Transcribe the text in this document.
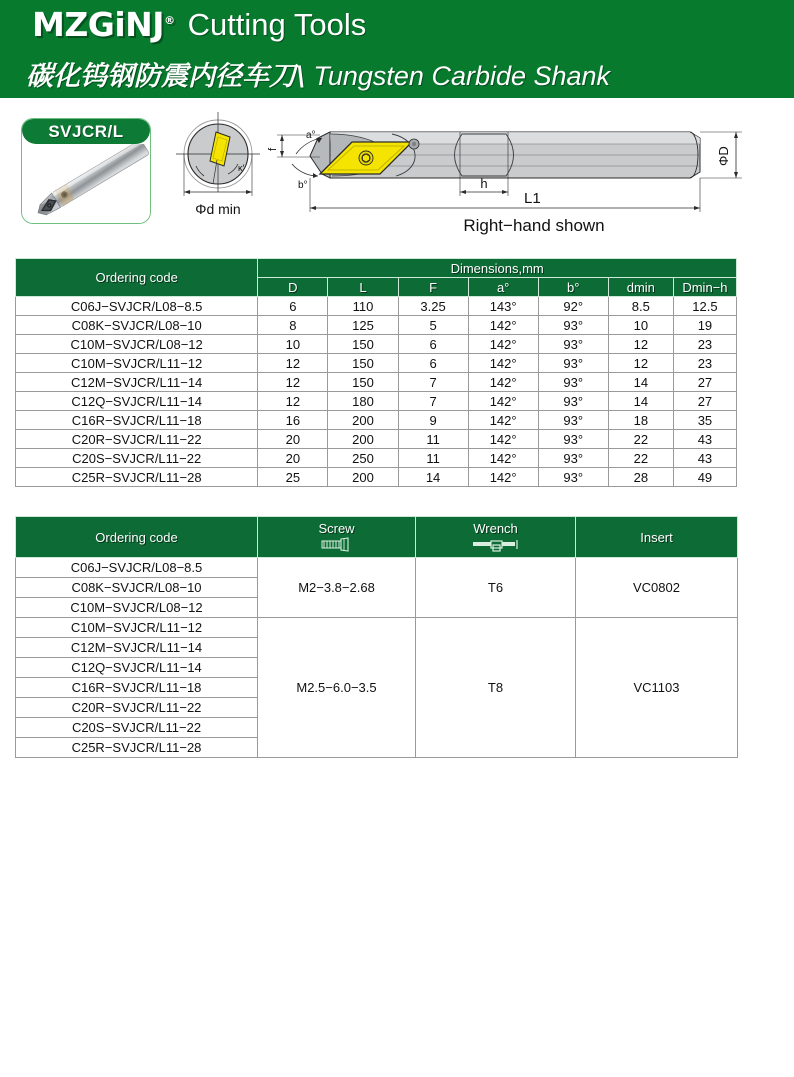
MZGiNJ® Cutting Tools
碳化钨钢防震内径车刀\ Tungsten Carbide Shank
SVJCR/L
κ′
Φd min
f
a°
b°	h
L1
ΦD
Right−hand shown
Ordering code	Dimensions,mm						
	D	L	F	a°	b°	dmin	Dmin−h
C06J−SVJCR/L08−8.5	6	110	3.25	143°	92°	8.5	12.5
C08K−SVJCR/L08−10	8	125	5	142°	93°	10	19
C10M−SVJCR/L08−12	10	150	6	142°	93°	12	23
C10M−SVJCR/L11−12	12	150	6	142°	93°	12	23
C12M−SVJCR/L11−14	12	150	7	142°	93°	14	27
C12Q−SVJCR/L11−14	12	180	7	142°	93°	14	27
C16R−SVJCR/L11−18	16	200	9	142°	93°	18	35
C20R−SVJCR/L11−22	20	200	11	142°	93°	22	43
C20S−SVJCR/L11−22	20	250	11	142°	93°	22	43
C25R−SVJCR/L11−28	25	200	14	142°	93°	28	49
Ordering code	Screw	Wrench	Insert
C06J−SVJCR/L08−8.5	M2−3.8−2.68	T6	VC0802
C08K−SVJCR/L08−10			
C10M−SVJCR/L08−12			
C10M−SVJCR/L11−12	M2.5−6.0−3.5	T8	VC1103
C12M−SVJCR/L11−14			
C12Q−SVJCR/L11−14			
C16R−SVJCR/L11−18			
C20R−SVJCR/L11−22			
C20S−SVJCR/L11−22			
C25R−SVJCR/L11−28			
